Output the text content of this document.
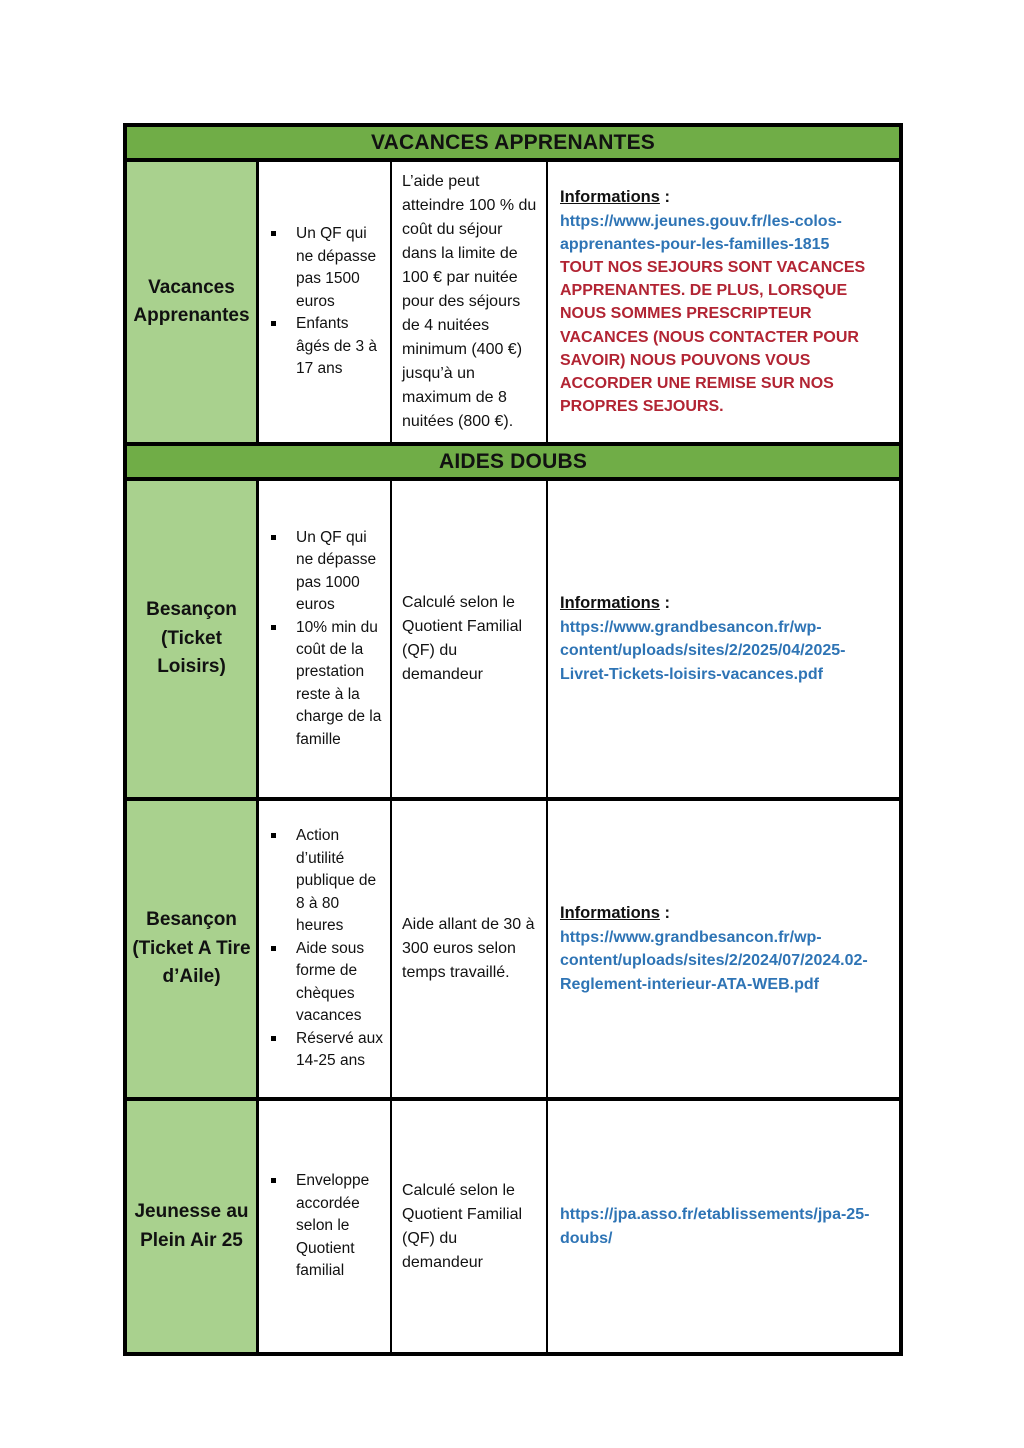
VACANCES APPRENANTES
Vacances Apprenantes
Un QF qui ne dépasse pas 1500 euros
Enfants âgés de 3 à 17 ans
L’aide peut atteindre 100 % du coût du séjour dans la limite de 100 € par nuitée pour des séjours de 4 nuitées minimum (400 €) jusqu’à un maximum de 8 nuitées (800 €).
Informations :
https://www.jeunes.gouv.fr/les-colos-apprenantes-pour-les-familles-1815
TOUT NOS SEJOURS SONT VACANCES APPRENANTES. DE PLUS, LORSQUE NOUS SOMMES PRESCRIPTEUR VACANCES (NOUS CONTACTER POUR SAVOIR) NOUS POUVONS VOUS ACCORDER UNE REMISE SUR NOS PROPRES SEJOURS.
AIDES DOUBS
Besançon (Ticket Loisirs)
Un QF qui ne dépasse pas 1000 euros
10% min du coût de la prestation reste à la charge de la famille
Calculé selon le Quotient Familial (QF) du demandeur
Informations :
https://www.grandbesancon.fr/wp-content/uploads/sites/2/2025/04/2025-Livret-Tickets-loisirs-vacances.pdf
Besançon (Ticket A Tire d’Aile)
Action d’utilité publique de 8 à 80 heures
Aide sous forme de chèques vacances
Réservé aux 14-25 ans
Aide allant de 30 à 300 euros selon temps travaillé.
Informations :
https://www.grandbesancon.fr/wp-content/uploads/sites/2/2024/07/2024.02-Reglement-interieur-ATA-WEB.pdf
Jeunesse au Plein Air 25
Enveloppe accordée selon le Quotient familial
Calculé selon le Quotient Familial (QF) du demandeur
https://jpa.asso.fr/etablissements/jpa-25-doubs/
